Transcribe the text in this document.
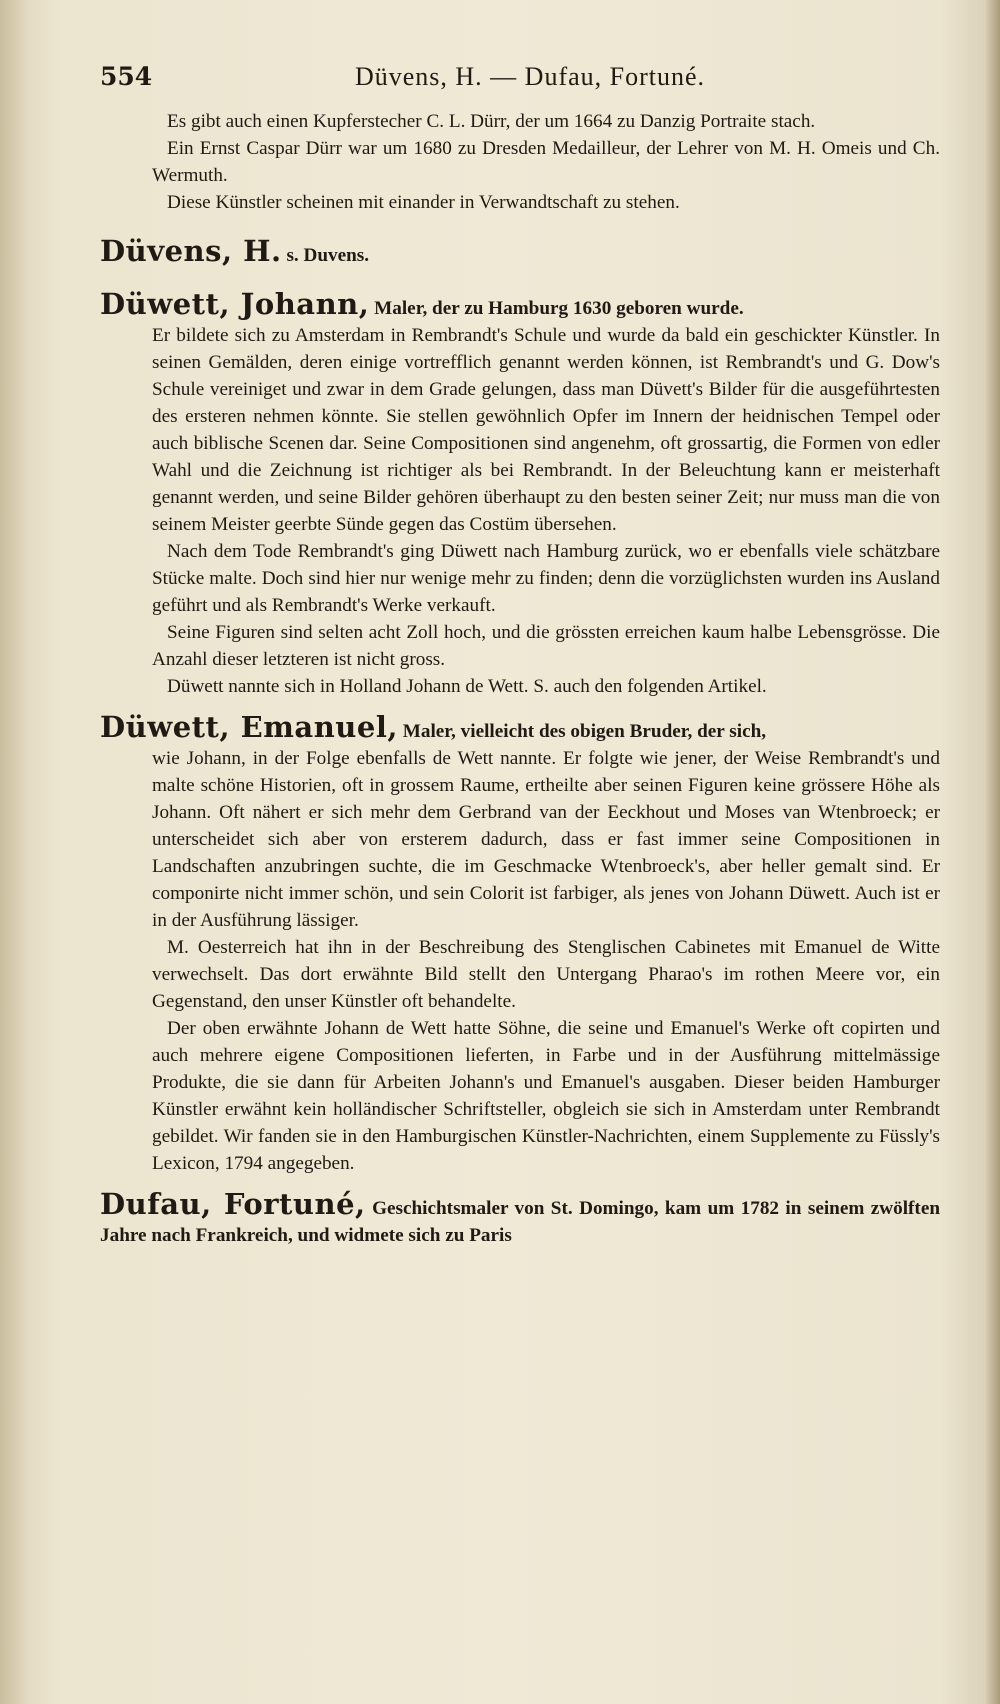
554	Düvens, H. — Dufau, Fortuné.

Es gibt auch einen Kupferstecher C. L. Dürr, der um 1664 zu Danzig Portraite stach.

Ein Ernst Caspar Dürr war um 1680 zu Dresden Medailleur, der Lehrer von M. H. Omeis und Ch. Wermuth.

Diese Künstler scheinen mit einander in Verwandtschaft zu stehen.

Düvens, H. s. Duvens.

Düwett, Johann, Maler, der zu Hamburg 1630 geboren wurde.

Er bildete sich zu Amsterdam in Rembrandt's Schule und wurde da bald ein geschickter Künstler. In seinen Gemälden, deren einige vortrefflich genannt werden können, ist Rembrandt's und G. Dow's Schule vereiniget und zwar in dem Grade gelungen, dass man Düvett's Bilder für die ausgeführtesten des ersteren nehmen könnte. Sie stellen gewöhnlich Opfer im Innern der heidnischen Tempel oder auch biblische Scenen dar. Seine Compositionen sind angenehm, oft grossartig, die Formen von edler Wahl und die Zeichnung ist richtiger als bei Rembrandt. In der Beleuchtung kann er meisterhaft genannt werden, und seine Bilder gehören überhaupt zu den besten seiner Zeit; nur muss man die von seinem Meister geerbte Sünde gegen das Costüm übersehen.

Nach dem Tode Rembrandt's ging Düwett nach Hamburg zurück, wo er ebenfalls viele schätzbare Stücke malte. Doch sind hier nur wenige mehr zu finden; denn die vorzüglichsten wurden ins Ausland geführt und als Rembrandt's Werke verkauft.

Seine Figuren sind selten acht Zoll hoch, und die grössten erreichen kaum halbe Lebensgrösse. Die Anzahl dieser letzteren ist nicht gross.

Düwett nannte sich in Holland Johann de Wett. S. auch den folgenden Artikel.

Düwett, Emanuel, Maler, vielleicht des obigen Bruder, der sich,

wie Johann, in der Folge ebenfalls de Wett nannte. Er folgte wie jener, der Weise Rembrandt's und malte schöne Historien, oft in grossem Raume, ertheilte aber seinen Figuren keine grössere Höhe als Johann. Oft nähert er sich mehr dem Gerbrand van der Eeckhout und Moses van Wtenbroeck; er unterscheidet sich aber von ersterem dadurch, dass er fast immer seine Compositionen in Landschaften anzubringen suchte, die im Geschmacke Wtenbroeck's, aber heller gemalt sind. Er componirte nicht immer schön, und sein Colorit ist farbiger, als jenes von Johann Düwett. Auch ist er in der Ausführung lässiger.

M. Oesterreich hat ihn in der Beschreibung des Stenglischen Cabinetes mit Emanuel de Witte verwechselt. Das dort erwähnte Bild stellt den Untergang Pharao's im rothen Meere vor, ein Gegenstand, den unser Künstler oft behandelte.

Der oben erwähnte Johann de Wett hatte Söhne, die seine und Emanuel's Werke oft copirten und auch mehrere eigene Compositionen lieferten, in Farbe und in der Ausführung mittelmässige Produkte, die sie dann für Arbeiten Johann's und Emanuel's ausgaben. Dieser beiden Hamburger Künstler erwähnt kein holländischer Schriftsteller, obgleich sie sich in Amsterdam unter Rembrandt gebildet. Wir fanden sie in den Hamburgischen Künstler-Nachrichten, einem Supplemente zu Füssly's Lexicon, 1794 angegeben.

Dufau, Fortuné, Geschichtsmaler von St. Domingo, kam um 1782 in seinem zwölften Jahre nach Frankreich, und widmete sich zu Paris
